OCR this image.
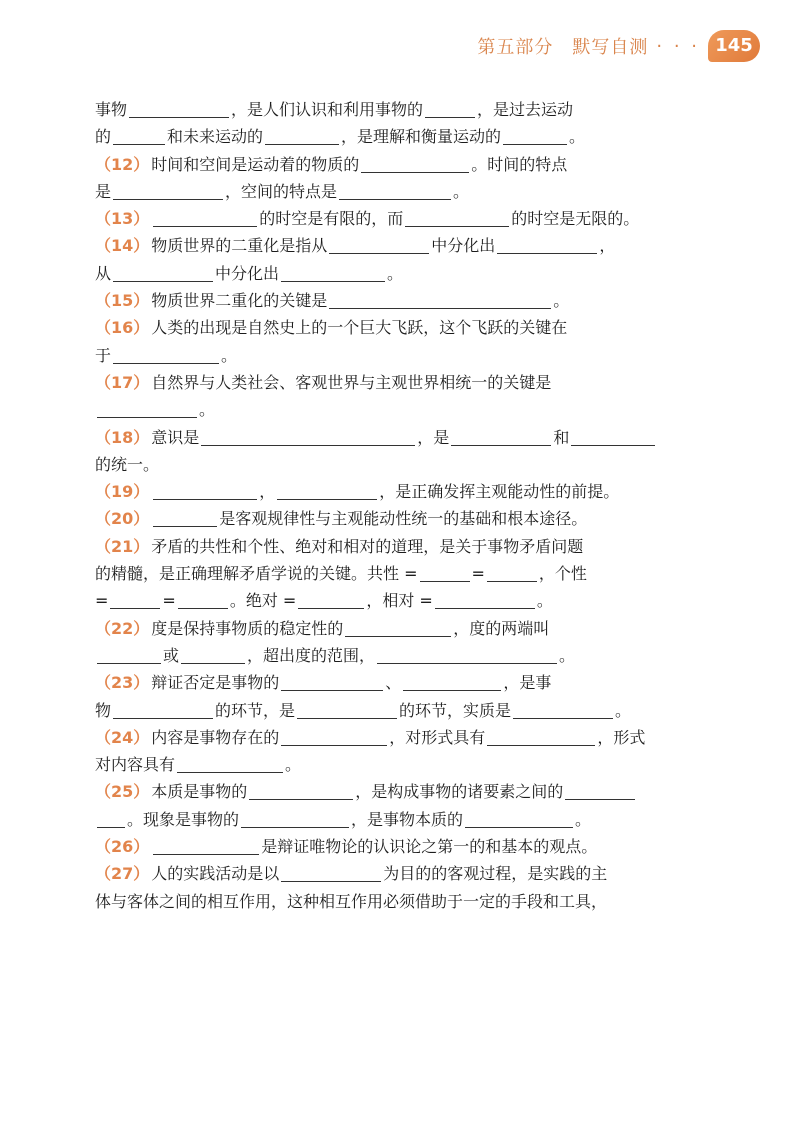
第五部分　默写自测 · · · 145
事物	，是人们认识和利用事物的	，是过去运动
的	和未来运动的	，是理解和衡量运动的	。
（12） 时间和空间是运动着的物质的	。时间的特点
是	，空间的特点是	。
（13）	的时空是有限的，而	的时空是无限的。
（14） 物质世界的二重化是指从	中分化出	，
从	中分化出	。
（15） 物质世界二重化的关键是	。
（16） 人类的出现是自然史上的一个巨大飞跃，这个飞跃的关键在
于	。
（17） 自然界与人类社会、客观世界与主观世界相统一的关键是
。
（18） 意识是	，是	和
的统一。
（19）	，	，是正确发挥主观能动性的前提。
（20）	是客观规律性与主观能动性统一的基础和根本途径。
（21） 矛盾的共性和个性、绝对和相对的道理，是关于事物矛盾问题
的精髓，是正确理解矛盾学说的关键。共性 =	=	，个性
=	=	。绝对 =	，相对 =	。
（22） 度是保持事物质的稳定性的	，度的两端叫
或	，超出度的范围，	。
（23） 辩证否定是事物的	、	，是事
物	的环节，是	的环节，实质是	。
（24） 内容是事物存在的	，对形式具有	，形式
对内容具有	。
（25） 本质是事物的	，是构成事物的诸要素之间的
。现象是事物的	，是事物本质的	。
（26）	是辩证唯物论的认识论之第一的和基本的观点。
（27） 人的实践活动是以	为目的的客观过程，是实践的主
体与客体之间的相互作用，这种相互作用必须借助于一定的手段和工具，
